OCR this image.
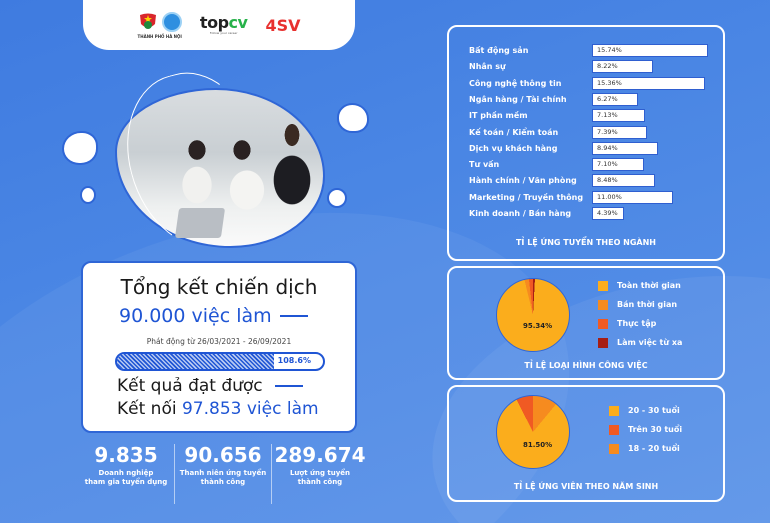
THÀNH PHỐ HÀ NỘI
topcv
Follow your career	4SV
Tổng kết chiến dịch
90.000 việc làm
Phát động từ 26/03/2021 - 26/09/2021
108.6%
Kết quả đạt được
Kết nối 97.853 việc làm
9.835
Doanh nghiệp
tham gia tuyển dụng
90.656
Thanh niên ứng tuyển
thành công
289.674
Lượt ứng tuyển
thành công
Bất động sản	15.74%
Nhân sự	8.22%
Công nghệ thông tin	15.36%
Ngân hàng / Tài chính	6.27%
IT phần mềm	7.13%
Kế toán / Kiểm toán	7.39%
Dịch vụ khách hàng	8.94%
Tư vấn	7.10%
Hành chính / Văn phòng	8.48%
Marketing / Truyền thông 11.00%
Kinh doanh / Bán hàng	4.39%
TỈ LỆ ỨNG TUYỂN THEO NGÀNH
95.34%
Toàn thời gian
Bán thời gian
Thực tập
Làm việc từ xa
TỈ LỆ LOẠI HÌNH CÔNG VIỆC
81.50%
20 - 30 tuổi
Trên 30 tuổi
18 - 20 tuổi
TỈ LỆ ỨNG VIÊN THEO NĂM SINH
